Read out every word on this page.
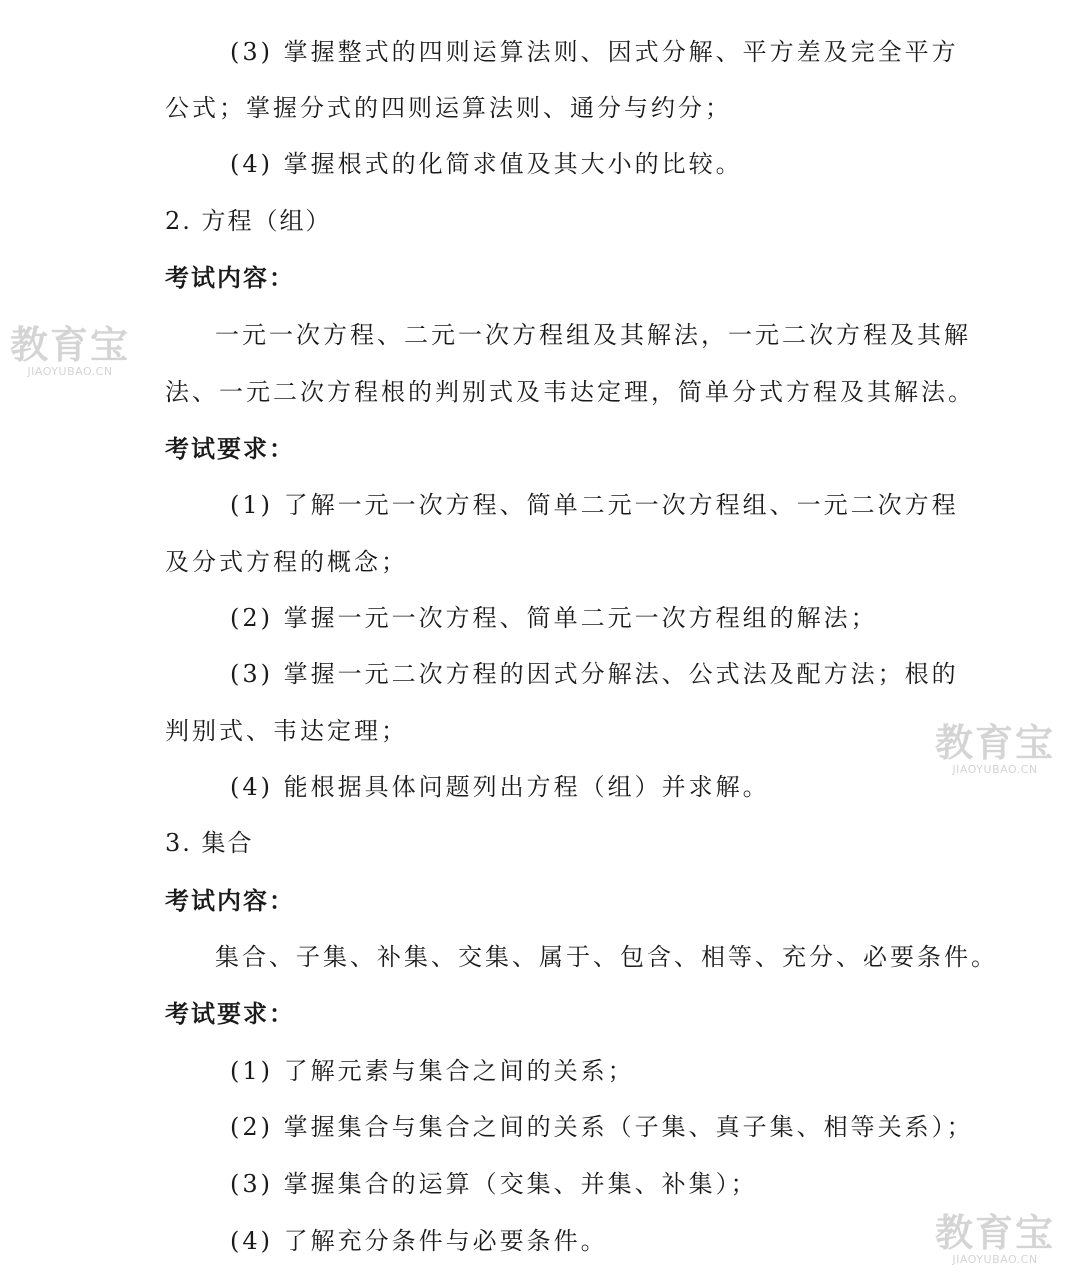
(3) 掌握整式的四则运算法则、因式分解、平方差及完全平方
公式；掌握分式的四则运算法则、通分与约分；
(4) 掌握根式的化简求值及其大小的比较。
2. 方程（组）
考试内容：
一元一次方程、二元一次方程组及其解法，一元二次方程及其解
法、一元二次方程根的判别式及韦达定理，简单分式方程及其解法。
考试要求：
(1) 了解一元一次方程、简单二元一次方程组、一元二次方程
及分式方程的概念；
(2) 掌握一元一次方程、简单二元一次方程组的解法；
(3) 掌握一元二次方程的因式分解法、公式法及配方法；根的
判别式、韦达定理；
(4) 能根据具体问题列出方程（组）并求解。
3. 集合
考试内容：
集合、子集、补集、交集、属于、包含、相等、充分、必要条件。
考试要求：
(1) 了解元素与集合之间的关系；
(2) 掌握集合与集合之间的关系（子集、真子集、相等关系）；
(3) 掌握集合的运算（交集、并集、补集）；
(4) 了解充分条件与必要条件。
教育宝
JIAOYUBAO.CN
教育宝
JIAOYUBAO.CN
教育宝
JIAOYUBAO.CN
